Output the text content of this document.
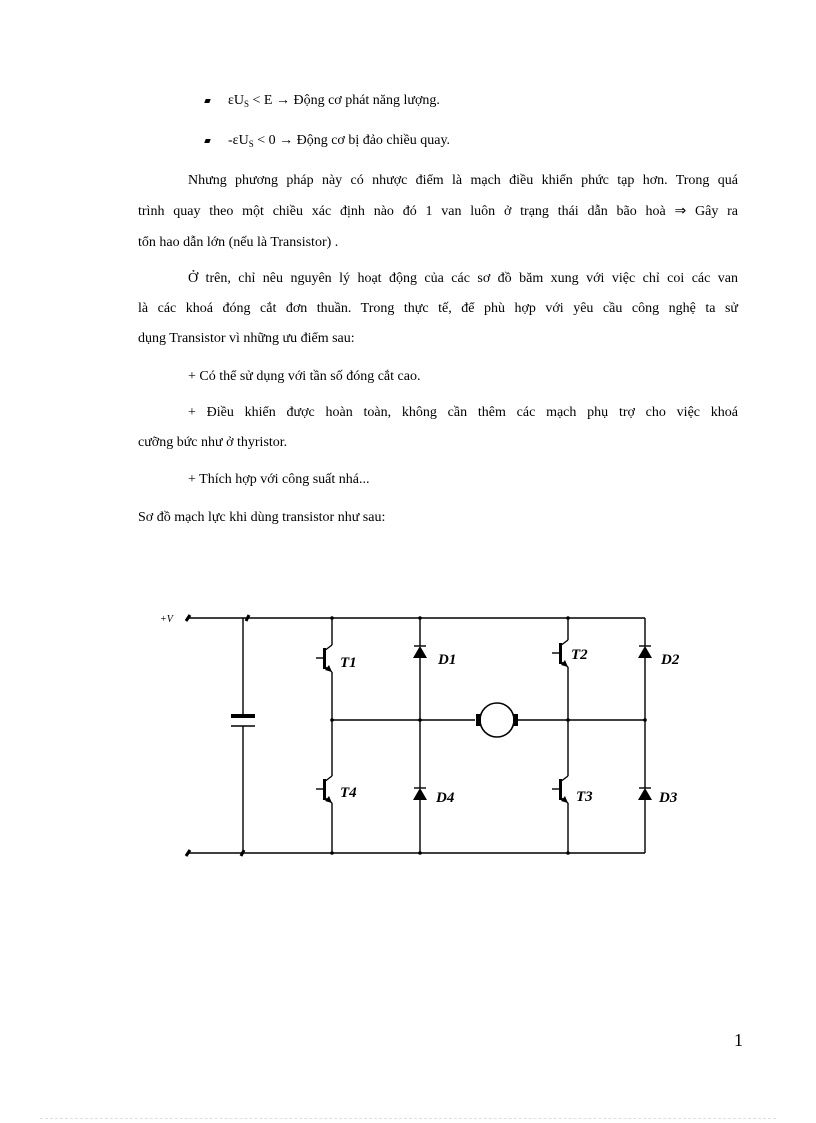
$\varepsilon U_S < E$ → Động cơ phát năng lượng.
$-\varepsilon U_S < 0$ → Động cơ bị đảo chiều quay.
Nhưng phương pháp này có nhược điểm là mạch điều khiển phức tạp hơn. Trong quá
trình quay theo một chiều xác định nào đó 1 van luôn ở trạng thái dẫn bão hoà ⇒ Gây ra
tổn hao dẫn lớn (nếu là Transistor) .
Ở trên, chỉ nêu nguyên lý hoạt động của các sơ đồ băm xung với việc chỉ coi các van
là các khoá đóng cắt đơn thuần. Trong thực tế, để phù hợp với yêu cầu công nghệ ta sử
dụng Transistor vì những ưu điểm sau:
+ Có thể sử dụng với tần số đóng cắt cao.
+ Điều khiển được hoàn toàn, không cần thêm các mạch phụ trợ cho việc khoá
cưỡng bức như ở thyristor.
+ Thích hợp với công suất nhá...
Sơ đồ mạch lực khi dùng transistor như sau:
+V
T1
T4
D1
D4
T2
T3
D2
D3
1
